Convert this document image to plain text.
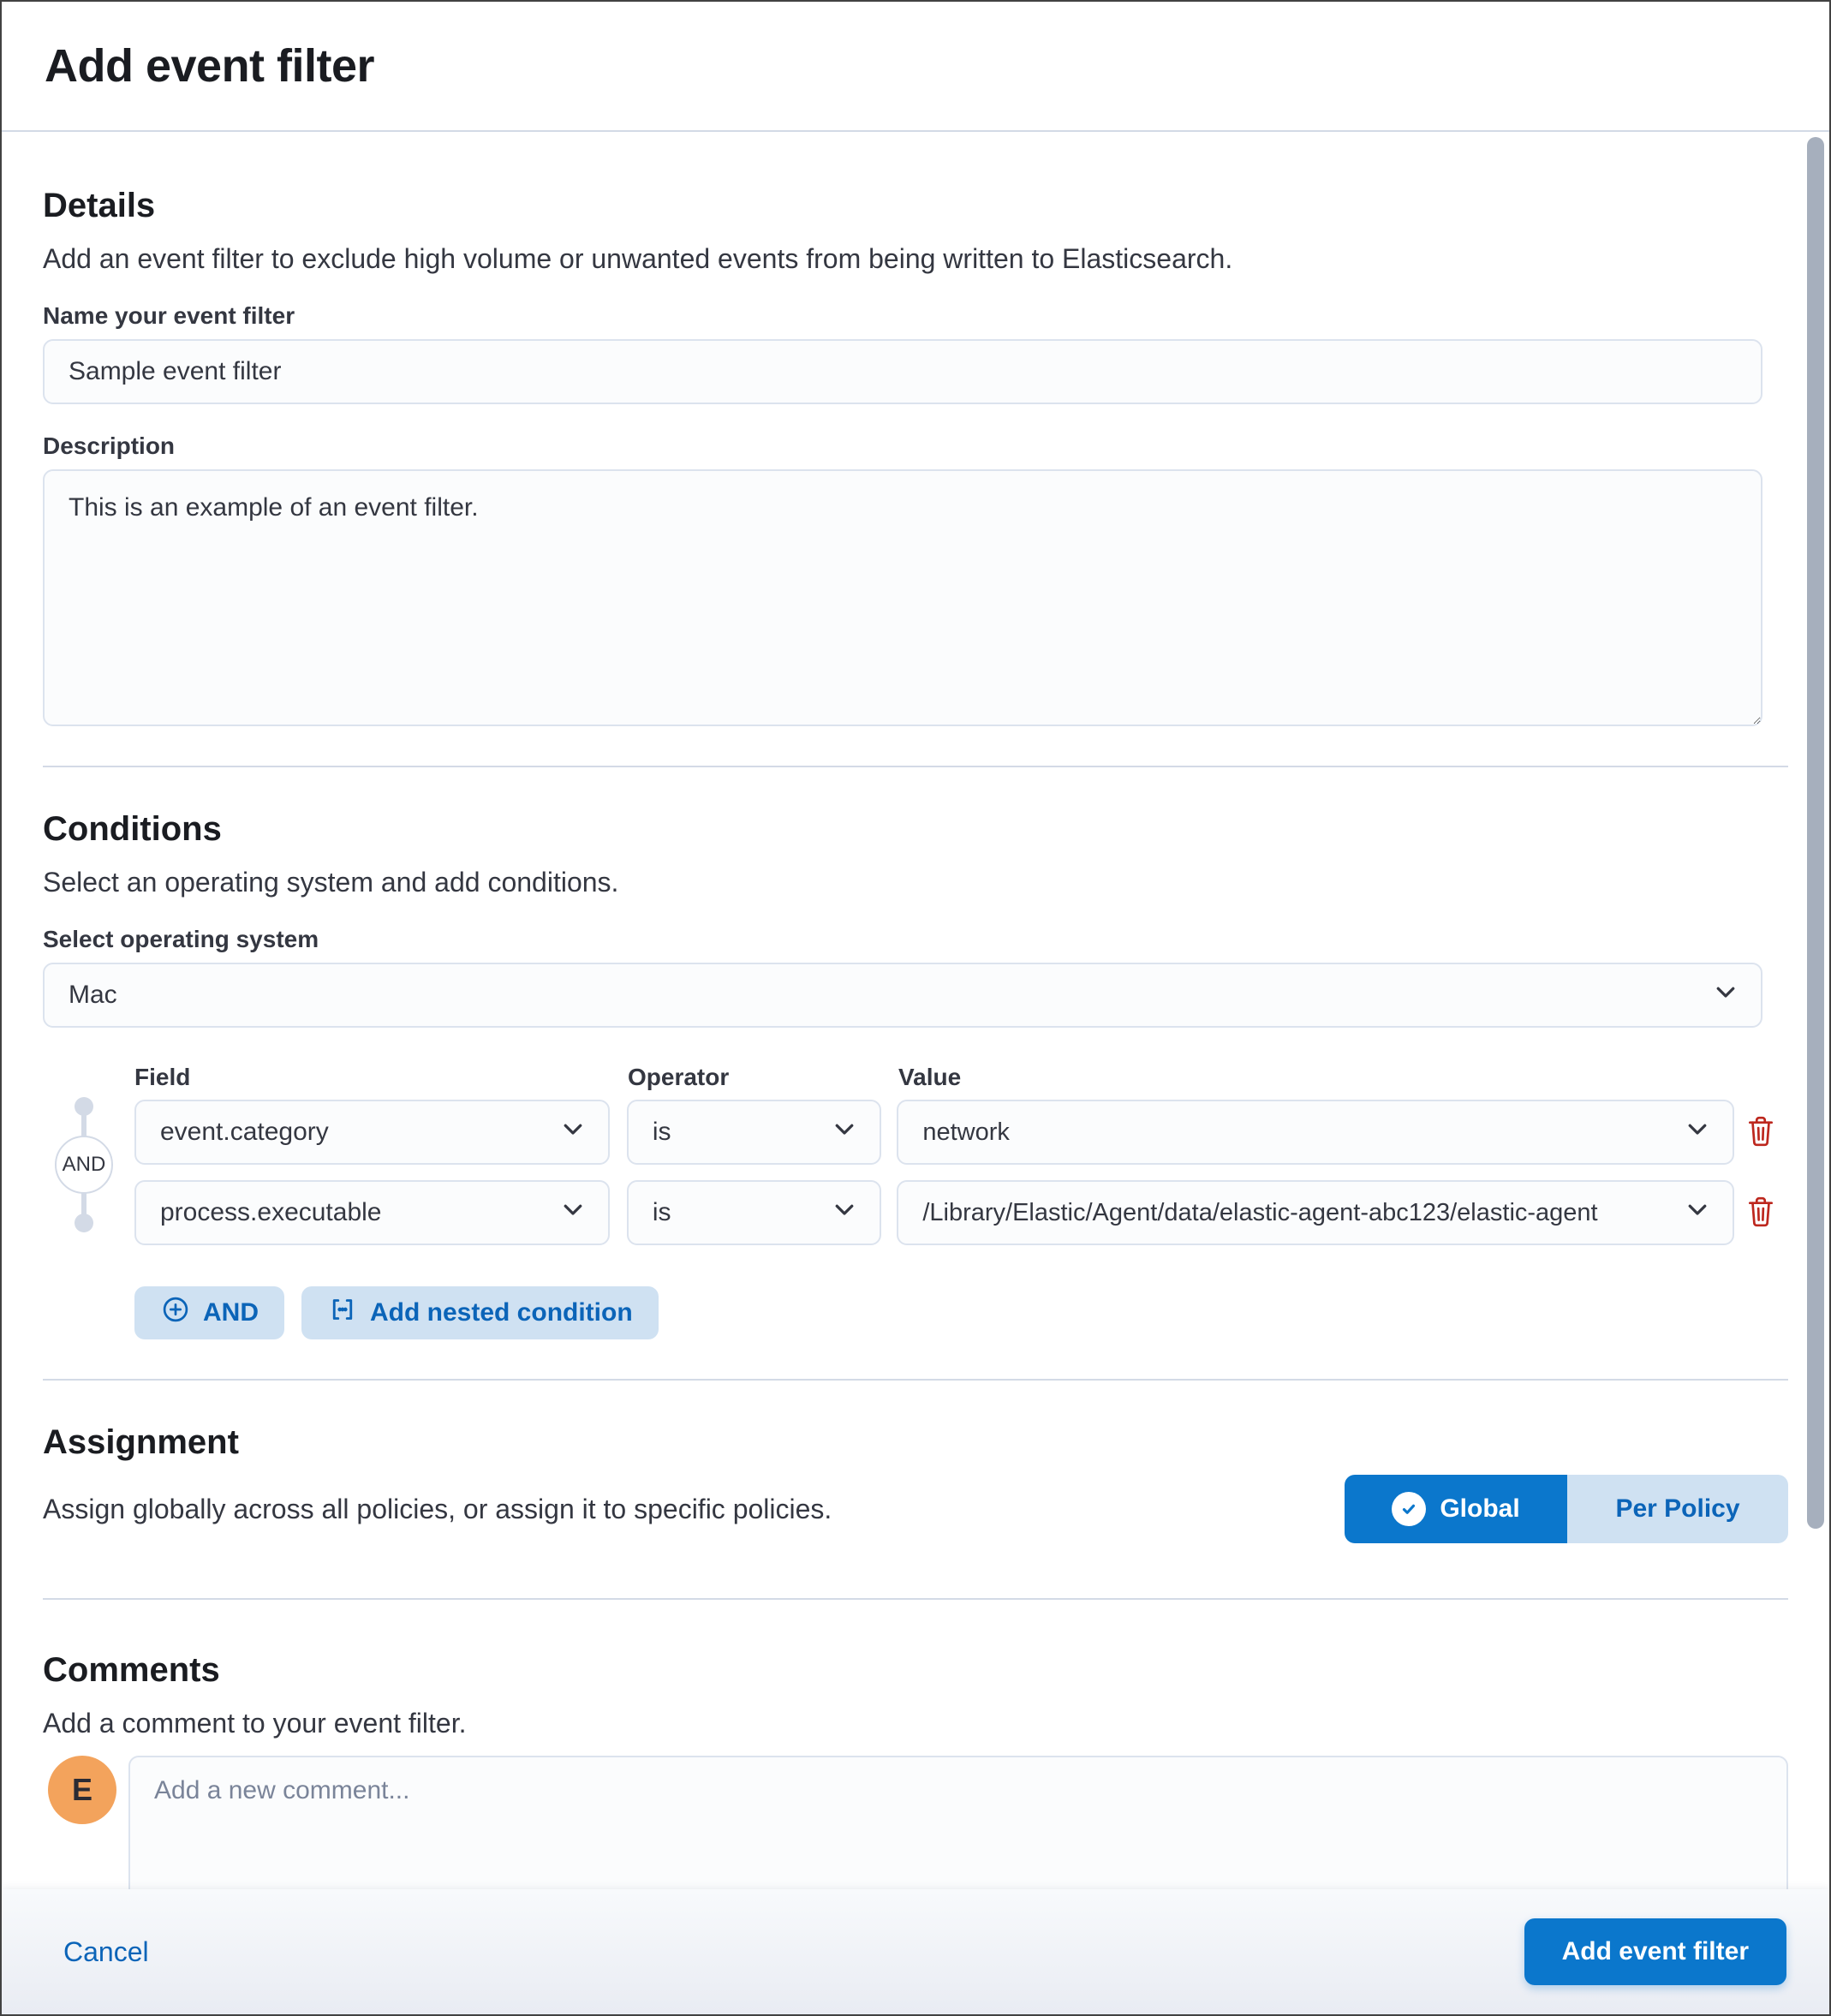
Add event filter
Details

Add an event filter to exclude high volume or unwanted events from being written to Elasticsearch.

Name your event filter
Sample event filter
Description
This is an example of an event filter.
Conditions

Select an operating system and add conditions.

Select operating system
Mac
Field	Operator	Value
AND
event.category	is	network
process.executable	is	/Library/Elastic/Agent/data/elastic-agent-abc123/elastic-agent
AND	Add nested condition
Assignment

Assign globally across all policies, or assign it to specific policies.	Global	Per Policy
Comments

Add a comment to your event filter.

E
Add a new comment...
Cancel	Add event filter
